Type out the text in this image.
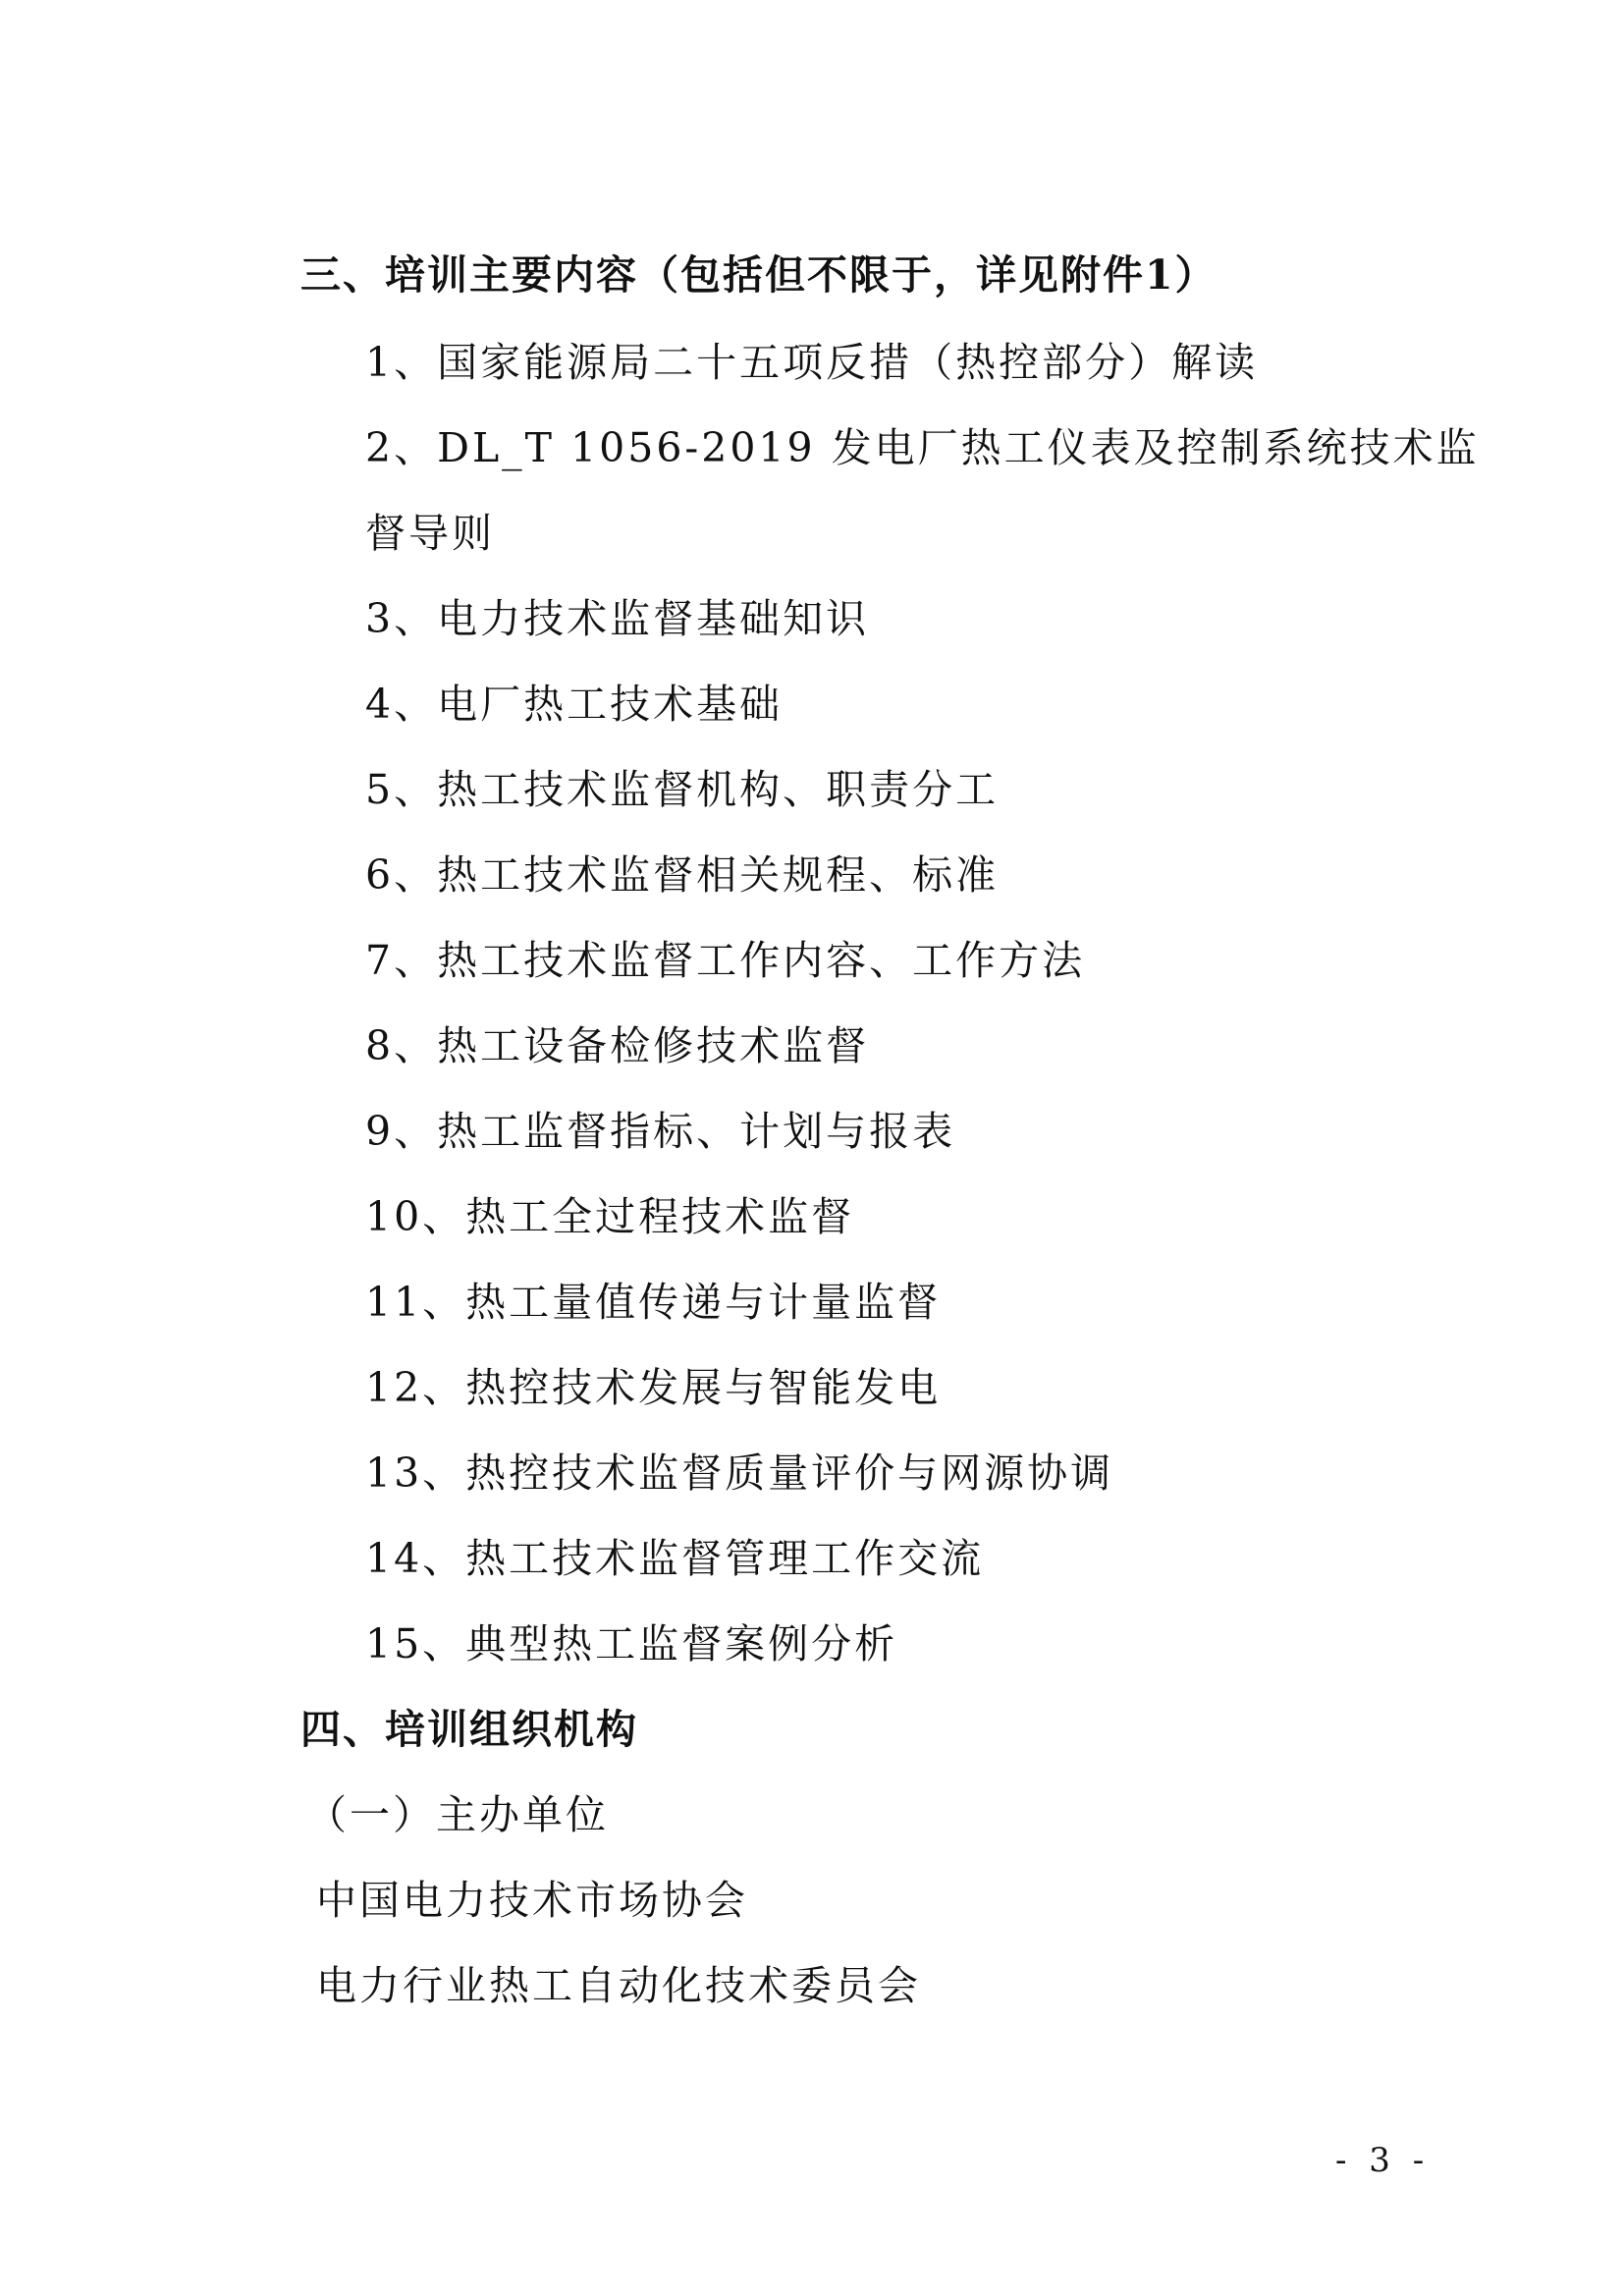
三、培训主要内容（包括但不限于，详见附件1）
1、国家能源局二十五项反措（热控部分）解读
2、DL_T 1056-2019 发电厂热工仪表及控制系统技术监
督导则
3、电力技术监督基础知识
4、电厂热工技术基础
5、热工技术监督机构、职责分工
6、热工技术监督相关规程、标准
7、热工技术监督工作内容、工作方法
8、热工设备检修技术监督
9、热工监督指标、计划与报表
10、热工全过程技术监督
11、热工量值传递与计量监督
12、热控技术发展与智能发电
13、热控技术监督质量评价与网源协调
14、热工技术监督管理工作交流
15、典型热工监督案例分析
四、培训组织机构
（一）主办单位
中国电力技术市场协会
电力行业热工自动化技术委员会
- 3 -
